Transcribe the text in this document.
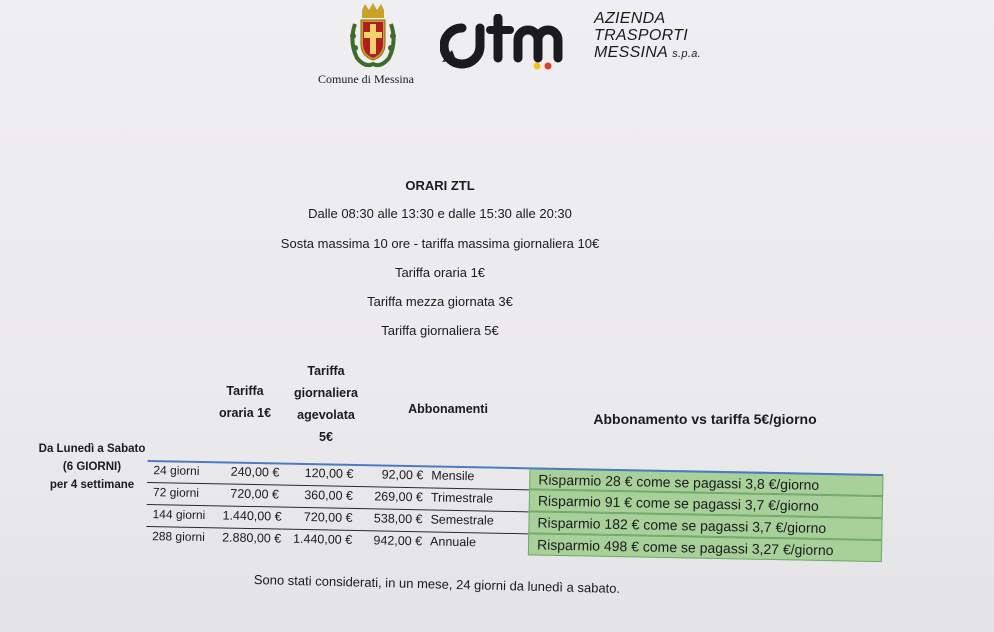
Comune di Messina
AZIENDA
TRASPORTI
MESSINA s.p.a.
ORARI ZTL
Dalle 08:30 alle 13:30 e dalle 15:30 alle 20:30
Sosta massima 10 ore - tariffa massima giornaliera 10€
Tariffa oraria 1€
Tariffa mezza giornata 3€
Tariffa giornaliera 5€
Tariffa
oraria 1€
Tariffa
giornaliera
agevolata
5€
Abbonamenti
Abbonamento vs tariffa 5€/giorno
Da Lunedì a Sabato
(6 GIORNI)
per 4 settimane
24 giorni	240,00 €	120,00 €	92,00 € Mensile	Risparmio 28 € come se pagassi 3,8 €/giorno
72 giorni	720,00 €	360,00 €	269,00 € Trimestrale	Risparmio 91 € come se pagassi 3,7 €/giorno
144 giorni 1.440,00 €	720,00 €	538,00 € Semestrale	Risparmio 182 € come se pagassi 3,7 €/giorno
288 giorni 2.880,00 € 1.440,00 €	942,00 € Annuale	Risparmio 498 € come se pagassi 3,27 €/giorno
Sono stati considerati, in un mese, 24 giorni da lunedì a sabato.
